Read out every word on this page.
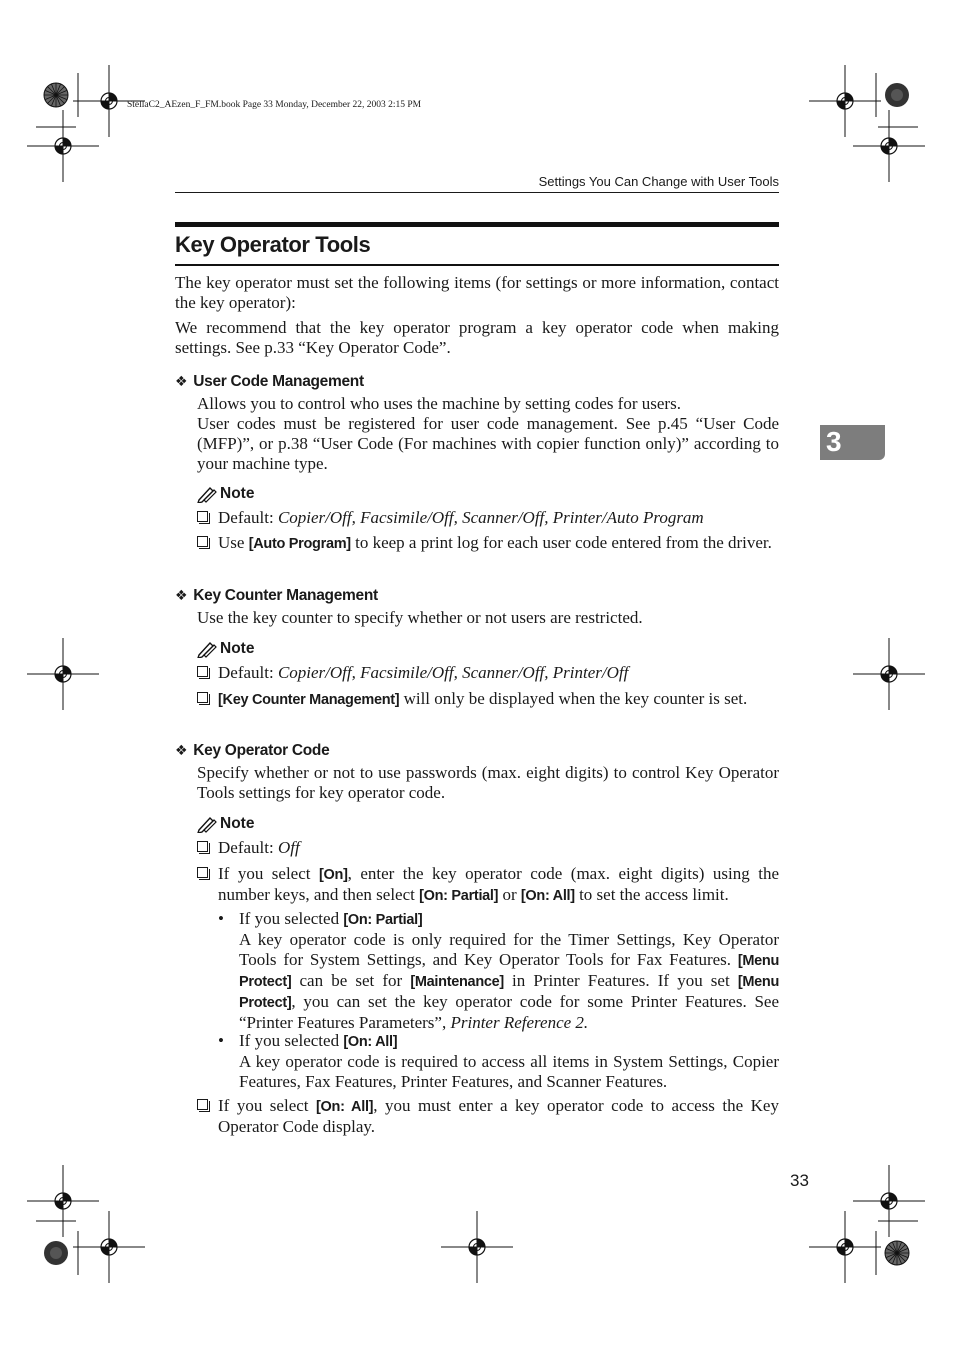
StellaC2_AEzen_F_FM.book Page 33 Monday, December 22, 2003 2:15 PM
Settings You Can Change with User Tools
Key Operator Tools
The key operator must set the following items (for settings or more information, contact the key operator):
We recommend that the key operator program a key operator code when making settings. See p.33 “Key Operator Code”.
❖ User Code Management
Allows you to control who uses the machine by setting codes for users.
User codes must be registered for user code management. See p.45 “User Code (MFP)”, or p.38 “User Code (For machines with copier function only)” according to your machine type.
Note
Default: Copier/Off, Facsimile/Off, Scanner/Off, Printer/Auto Program
Use [Auto Program] to keep a print log for each user code entered from the driver.
❖ Key Counter Management
Use the key counter to specify whether or not users are restricted.
Note
Default: Copier/Off, Facsimile/Off, Scanner/Off, Printer/Off
[Key Counter Management] will only be displayed when the key counter is set.
❖ Key Operator Code
Specify whether or not to use passwords (max. eight digits) to control Key Operator Tools settings for key operator code.
Note
Default: Off
If you select [On], enter the key operator code (max. eight digits) using the number keys, and then select [On: Partial] or [On: All] to set the access limit.
• If you selected [On: Partial]
A key operator code is only required for the Timer Settings, Key Operator Tools for System Settings, and Key Operator Tools for Fax Features. [Menu Protect] can be set for [Maintenance] in Printer Features. If you set [Menu Protect], you can set the key operator code for some Printer Features. See “Printer Features Parameters”, Printer Reference 2.
• If you selected [On: All]
A key operator code is required to access all items in System Settings, Copier Features, Fax Features, Printer Features, and Scanner Features.
If you select [On: All], you must enter a key operator code to access the Key Operator Code display.
3
33
